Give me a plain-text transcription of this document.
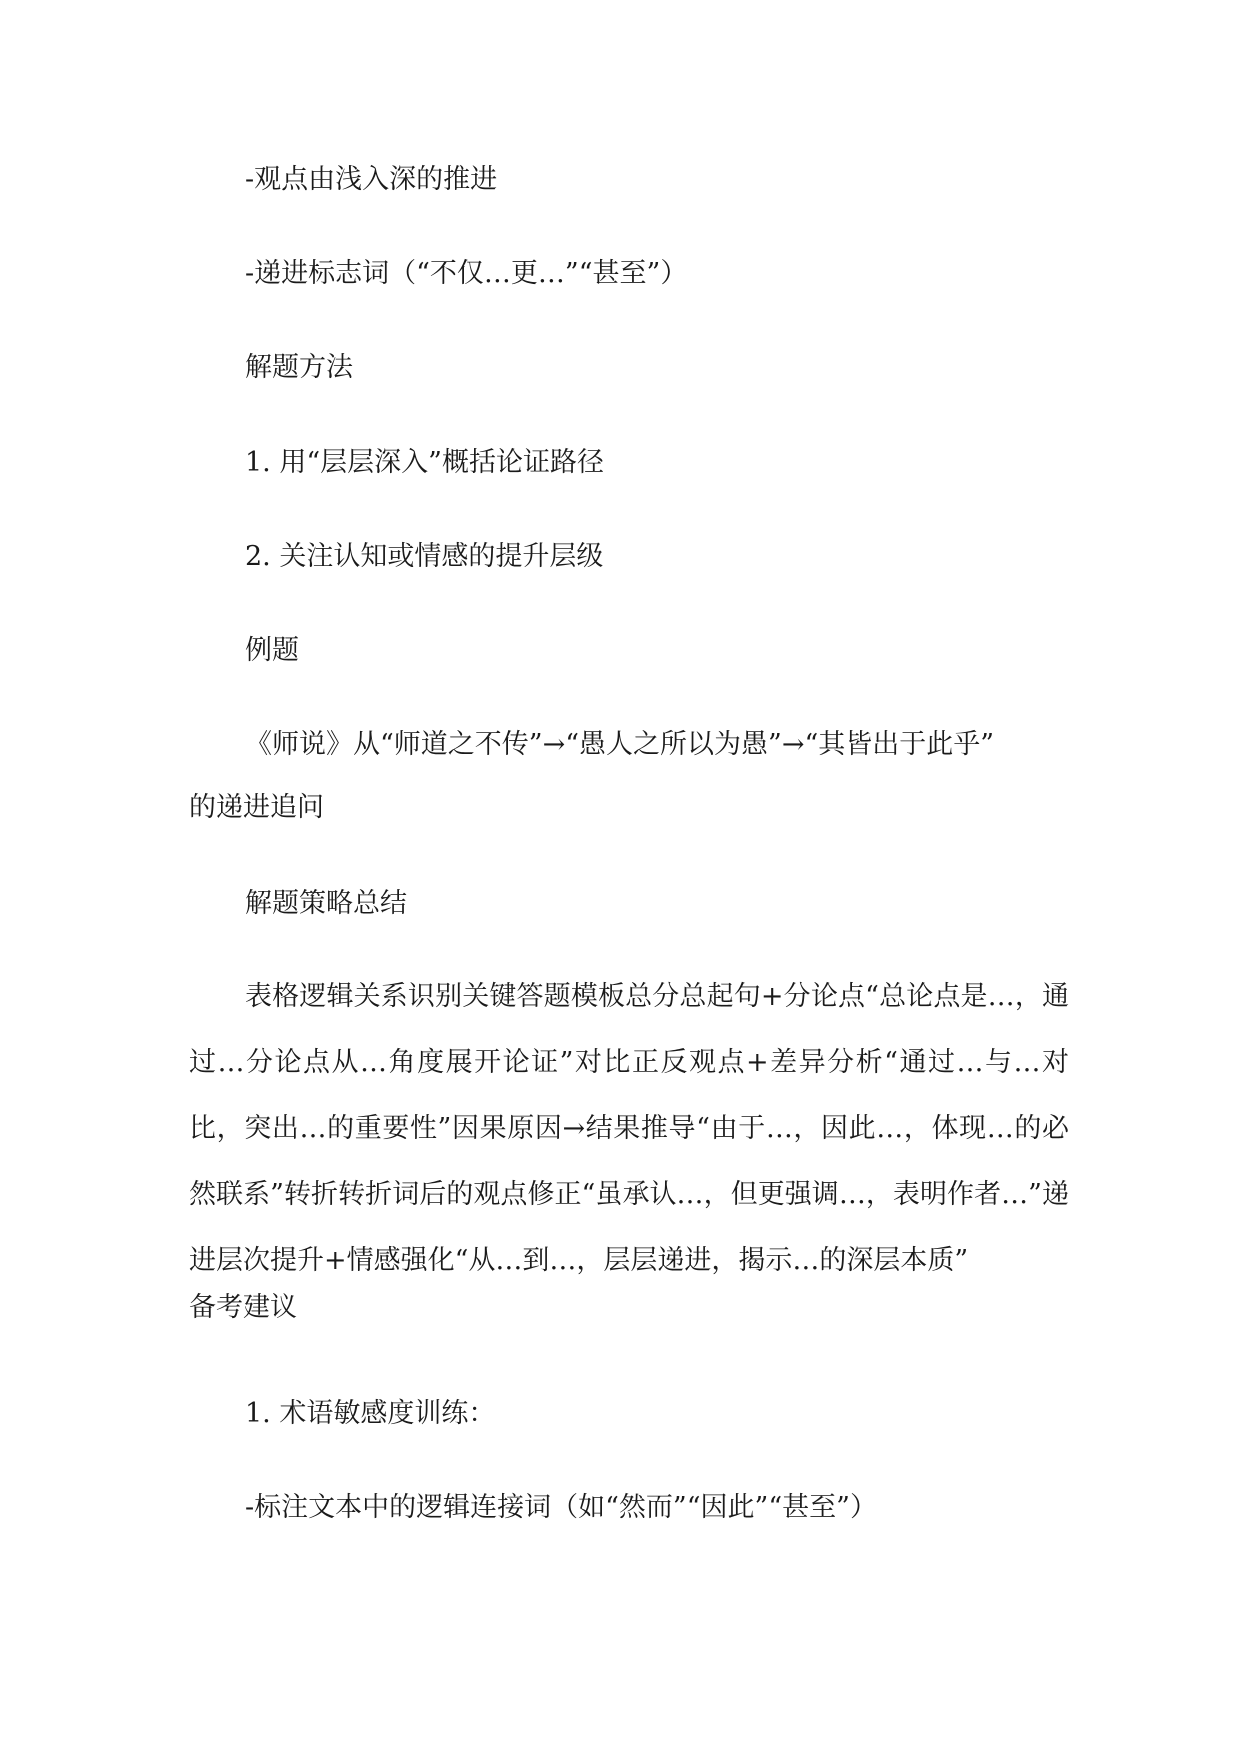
-观点由浅入深的推进

-递进标志词（“不仅…更…”“甚至”）

解题方法

1. 用“层层深入”概括论证路径

2. 关注认知或情感的提升层级

例题

《师说》从“师道之不传”→“愚人之所以为愚”→“其皆出于此乎”

的递进追问

解题策略总结

表格逻辑关系识别关键答题模板总分总起句+分论点“总论点是…，通过…分论点从…角度展开论证”对比正反观点+差异分析“通过…与…对比，突出…的重要性”因果原因→结果推导“由于…，因此…，体现…的必然联系”转折转折词后的观点修正“虽承认…，但更强调…，表明作者…”递进层次提升+情感强化“从…到…，层层递进，揭示…的深层本质”

备考建议

1. 术语敏感度训练：

-标注文本中的逻辑连接词（如“然而”“因此”“甚至”）
